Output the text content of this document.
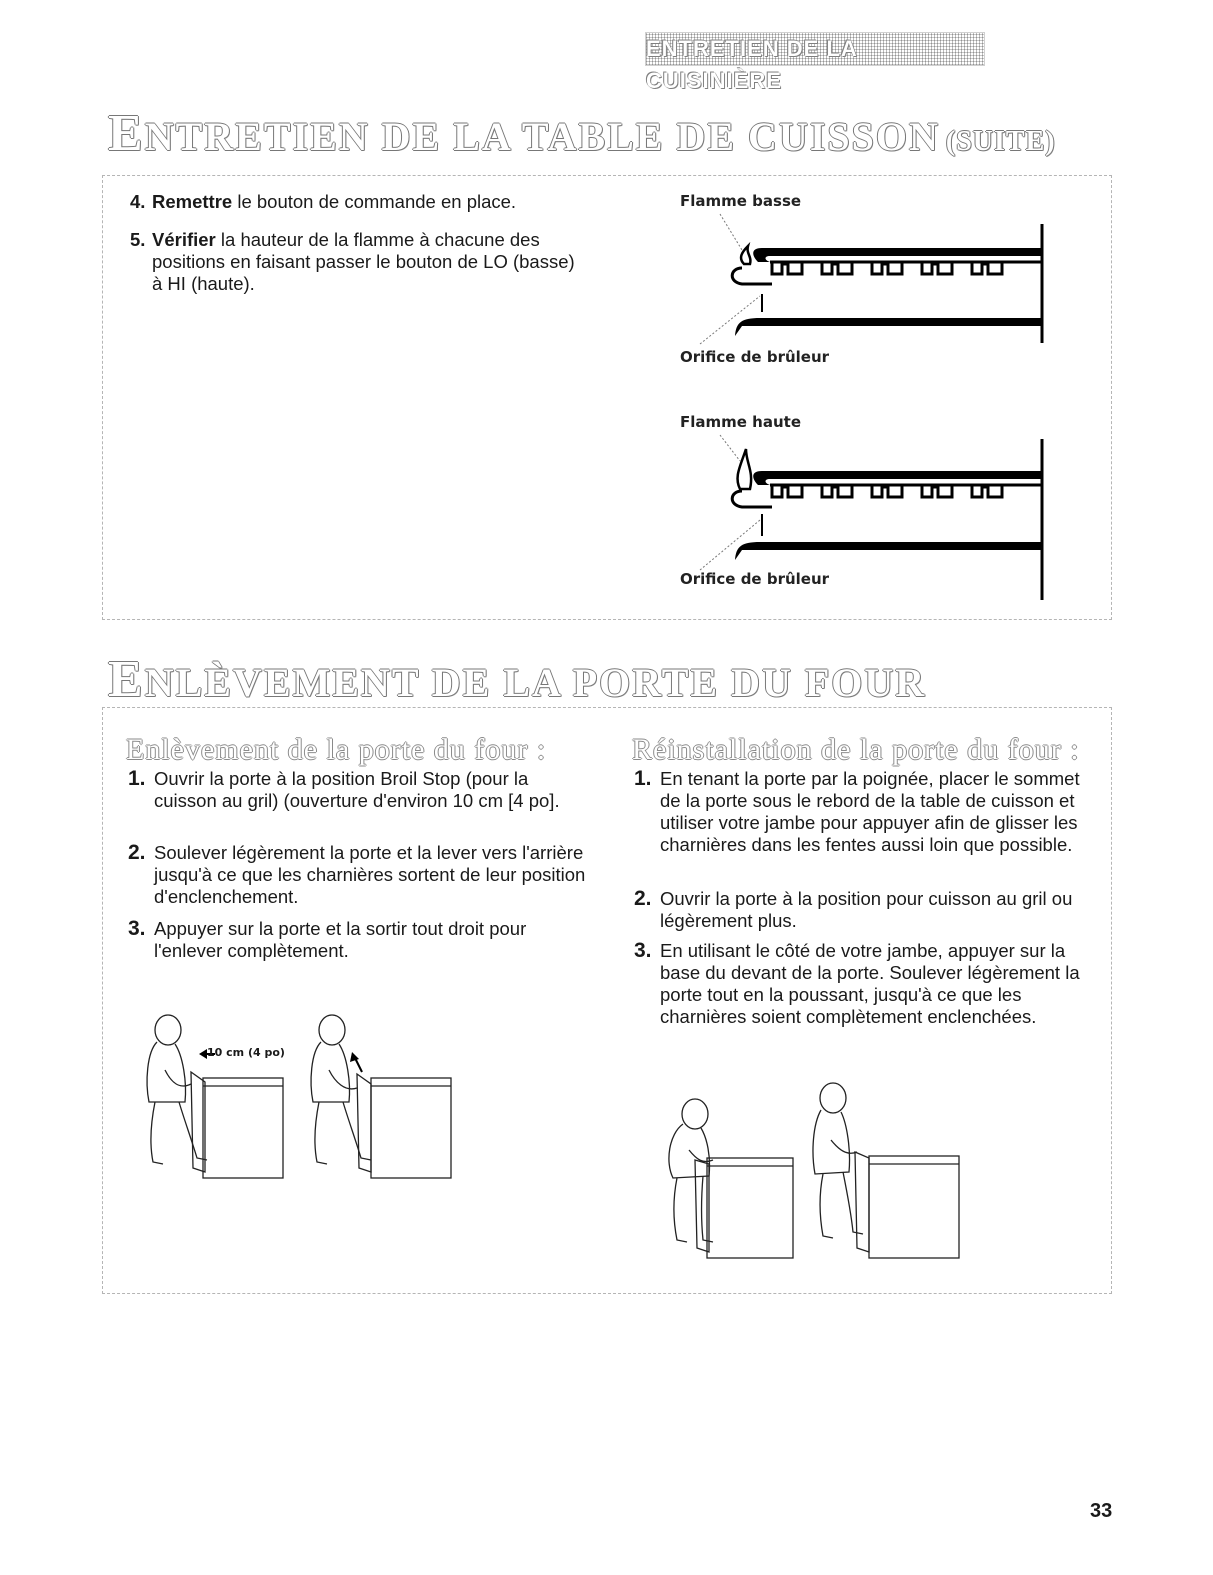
ENTRETIEN DE LA CUISINIÈRE
ENTRETIEN DE LA TABLE DE CUISSON (SUITE)
4. Remettre le bouton de commande en place.
5. Vérifier la hauteur de la flamme à chacune des positions en faisant passer le bouton de LO (basse) à HI (haute).
Flamme basse
Orifice de brûleur
Flamme haute
Orifice de brûleur
ENLÈVEMENT DE LA PORTE DU FOUR
Enlèvement de la porte du four :
1. Ouvrir la porte à la position Broil Stop (pour la cuisson au gril) (ouverture d'environ 10 cm [4 po].
2. Soulever légèrement la porte et la lever vers l'arrière jusqu'à ce que les charnières sortent de leur position d'enclenchement.
3. Appuyer sur la porte et la sortir tout droit pour l'enlever complètement.
10 cm (4 po)
Réinstallation de la porte du four :
1. En tenant la porte par la poignée, placer le sommet de la porte sous le rebord de la table de cuisson et utiliser votre jambe pour appuyer afin de glisser les charnières dans les fentes aussi loin que possible.
2. Ouvrir la porte à la position pour cuisson au gril ou légèrement plus.
3. En utilisant le côté de votre jambe, appuyer sur la base du devant de la porte. Soulever légèrement la porte tout en la poussant, jusqu'à ce que les charnières soient complètement enclenchées.
33
